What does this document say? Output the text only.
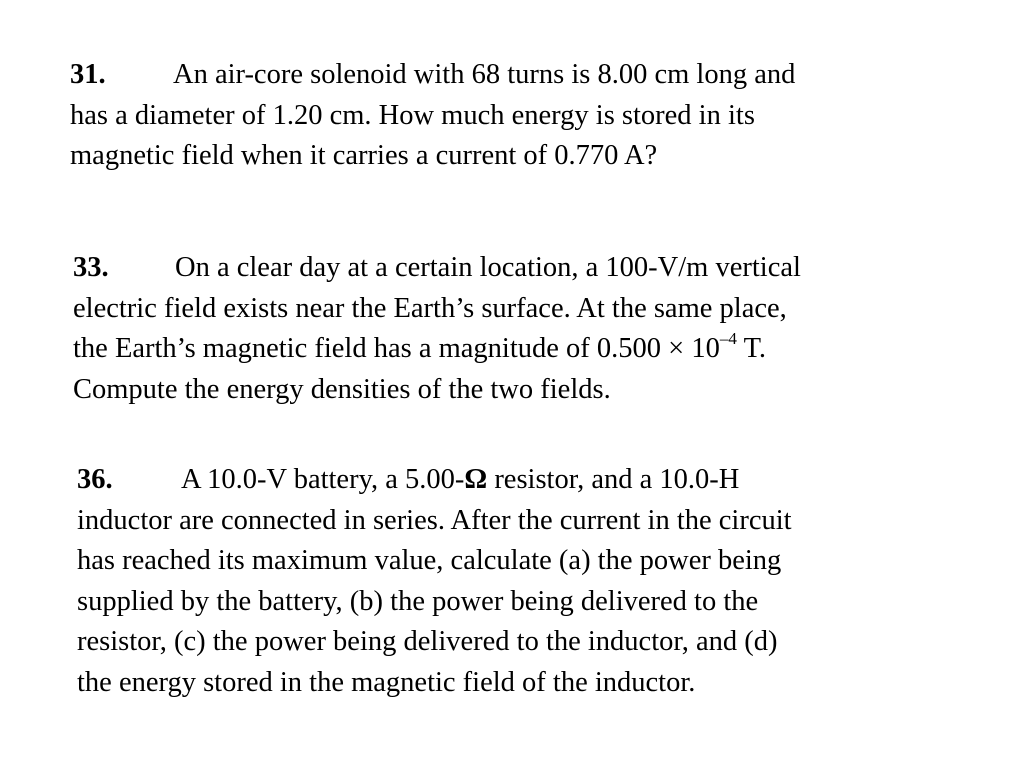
31. An air-core solenoid with 68 turns is 8.00 cm long and
has a diameter of 1.20 cm. How much energy is stored in its
magnetic field when it carries a current of 0.770 A?
33. On a clear day at a certain location, a 100-V/m vertical
electric field exists near the Earth’s surface. At the same place,
the Earth’s magnetic field has a magnitude of $0.500 \times 10^{-4}$ T.
Compute the energy densities of the two fields.
36. A 10.0-V battery, a 5.00-Ω resistor, and a 10.0-H
inductor are connected in series. After the current in the circuit
has reached its maximum value, calculate (a) the power being
supplied by the battery, (b) the power being delivered to the
resistor, (c) the power being delivered to the inductor, and (d)
the energy stored in the magnetic field of the inductor.
